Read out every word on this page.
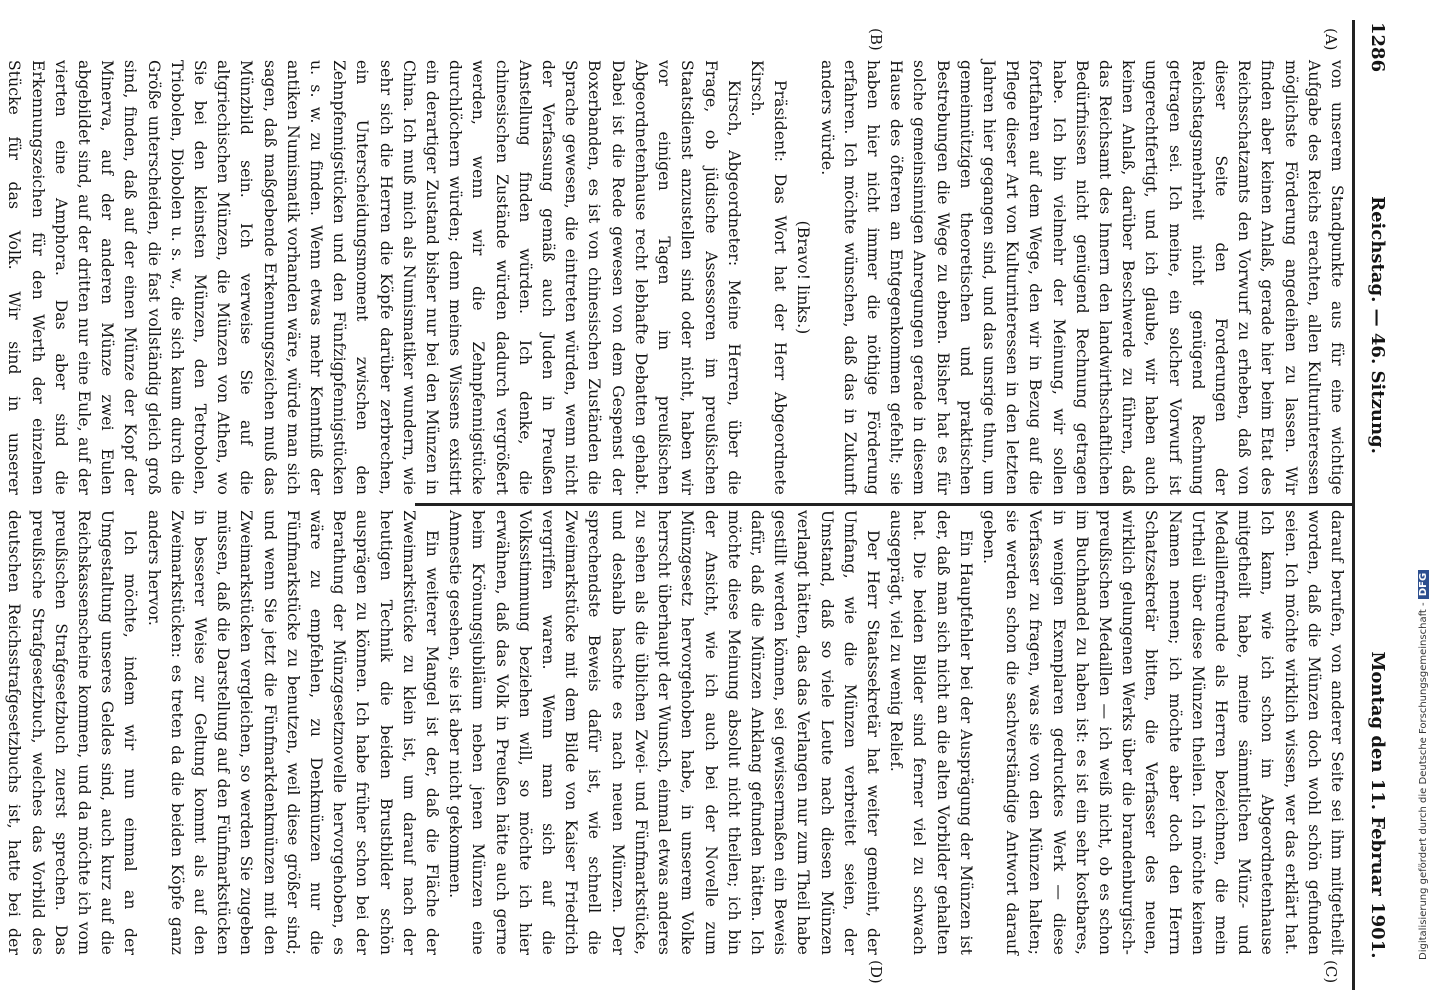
1286
Reichstag. — 46. Sitzung.
Montag den 11. Februar 1901.
(A)
(B)
(C)
(D)

von unserem Standpunkte aus für eine wichtige Aufgabe des Reichs erachten, allen Kulturinteressen möglichste Förderung angedeihen zu lassen. Wir finden aber keinen Anlaß, gerade hier beim Etat des Reichsschatzamts den Vorwurf zu erheben, daß von dieser Seite den Forderungen der Reichstagsmehrheit nicht genügend Rechnung getragen sei. Ich meine, ein solcher Vorwurf ist ungerechtfertigt, und ich glaube, wir haben auch keinen Anlaß, darüber Beschwerde zu führen, daß das Reichsamt des Innern den landwirthschaftlichen Bedürfnissen nicht genügend Rechnung getragen habe. Ich bin vielmehr der Meinung, wir sollen fortfahren auf dem Wege, den wir in Bezug auf die Pflege dieser Art von Kulturinteressen in den letzten Jahren hier gegangen sind, und das unsrige thun, um gemeinnützigen theoretischen und praktischen Bestrebungen die Wege zu ebnen. Bisher hat es für solche gemeinsinnigen Anregungen gerade in diesem Hause des öfteren an Entgegenkommen gefehlt; sie haben hier nicht immer die nöthige Förderung erfahren. Ich möchte wünschen, daß das in Zukunft anders würde.

(Bravo! links.)

Präsident: Das Wort hat der Herr Abgeordnete Kirsch.

Kirsch, Abgeordneter: Meine Herren, über die Frage, ob jüdische Assessoren im preußischen Staatsdienst anzustellen sind oder nicht, haben wir vor einigen Tagen im preußischen Abgeordnetenhause recht lebhafte Debatten gehabt. Dabei ist die Rede gewesen von dem Gespenst der Boxerbanden, es ist von chinesischen Zuständen die Sprache gewesen, die eintreten würden, wenn nicht der Verfassung gemäß auch Juden in Preußen Anstellung finden würden. Ich denke, die chinesischen Zustände würden dadurch vergrößert werden, wenn wir die Zehnpfennigstücke durchlöchern würden; denn meines Wissens existirt ein derartiger Zustand bisher nur bei den Münzen in China. Ich muß mich als Numismatiker wundern, wie sehr sich die Herren die Köpfe darüber zerbrechen, ein Unterscheidungsmoment zwischen den Zehnpfennigstücken und den Fünfzigpfennigstücken u. s. w. zu finden. Wenn etwas mehr Kenntniß der antiken Numismatik vorhanden wäre, würde man sich sagen, daß maßgebende Erkennungszeichen muß das Münzbild sein. Ich verweise Sie auf die altgriechischen Münzen, die Münzen von Athen, wo Sie bei den kleinsten Münzen, den Tetrobolen, Triobolen, Diobolen u. s. w., die sich kaum durch die Größe unterscheiden, die fast vollständig gleich groß sind, finden, daß auf der einen Münze der Kopf der Minerva, auf der anderen Münze zwei Eulen abgebildet sind, auf der dritten nur eine Eule, auf der vierten eine Amphora. Das aber sind die Erkennungszeichen für den Werth der einzelnen Stücke für das Volk. Wir sind in unserer

darauf berufen, von anderer Seite sei ihm mitgetheilt worden, daß die Münzen doch wohl schön gefunden seien. Ich möchte wirklich wissen, wer das erklärt hat. Ich kann, wie ich schon im Abgeordnetenhause mitgetheilt habe, meine sämmtlichen Münz- und Medaillenfreunde als Herren bezeichnen, die mein Urtheil über diese Münzen theilen. Ich möchte keinen Namen nennen; ich möchte aber doch den Herrn Schatzsekretär bitten, die Verfasser des neuen, wirklich gelungenen Werks über die brandenburgisch-preußischen Medaillen — ich weiß nicht, ob es schon im Buchhandel zu haben ist: es ist ein sehr kostbares, in wenigen Exemplaren gedrucktes Werk — diese Verfasser zu fragen, was sie von den Münzen halten; sie werden schon die sachverständige Antwort darauf geben.

Ein Hauptfehler bei der Ausprägung der Münzen ist der, daß man sich nicht an die alten Vorbilder gehalten hat. Die beiden Bilder sind ferner viel zu schwach ausgeprägt, viel zu wenig Relief.

Der Herr Staatssekretär hat weiter gemeint, der Umfang, wie die Münzen verbreitet seien, der Umstand, daß so viele Leute nach diesen Münzen verlangt hätten, das das Verlangen nur zum Theil habe gestillt werden können, sei gewissermaßen ein Beweis dafür, daß die Münzen Anklang gefunden hätten. Ich möchte diese Meinung absolut nicht theilen; ich bin der Ansicht, wie ich auch bei der Novelle zum Münzgesetz hervorgehoben habe, in unserem Volke herrscht überhaupt der Wunsch, einmal etwas anderes zu sehen als die üblichen Zwei- und Fünfmarkstücke, und deshalb haschte es nach neuen Münzen. Der sprechendste Beweis dafür ist, wie schnell die Zweimarkstücke mit dem Bilde von Kaiser Friedrich vergriffen waren. Wenn man sich auf die Volksstimmung beziehen will, so möchte ich hier erwähnen, daß das Volk in Preußen hätte auch gerne beim Krönungsjubiläum neben jenen Münzen eine Amnestie gesehen, sie ist aber nicht gekommen.

Ein weiterer Mangel ist der, daß die Fläche der Zweimarkstücke zu klein ist, um darauf nach der heutigen Technik die beiden Brustbilder schön ausprägen zu können. Ich habe früher schon bei der Berathung der Münzgesetznovelle hervorgehoben, es wäre zu empfehlen, zu Denkmünzen nur die Fünfmarkstücke zu benutzen, weil diese größer sind; und wenn Sie jetzt die Fünfmarkdenkmünzen mit den Zweimarkstücken vergleichen, so werden Sie zugeben müssen, daß die Darstellung auf den Fünfmarkstücken in besserer Weise zur Geltung kommt als auf den Zweimarkstücken: es treten da die beiden Köpfe ganz anders hervor.

Ich möchte, indem wir nun einmal an der Umgestaltung unseres Geldes sind, auch kurz auf die Reichskassenscheine kommen, und da möchte ich vom preußischen Strafgesetzbuch zuerst sprechen. Das preußische Strafgesetzbuch, welches das Vorbild des deutschen Reichsstrafgesetzbuchs ist, hatte bei der	Digitalisierung gefördert durch die Deutsche Forschungsgemeinschaft - DFG
